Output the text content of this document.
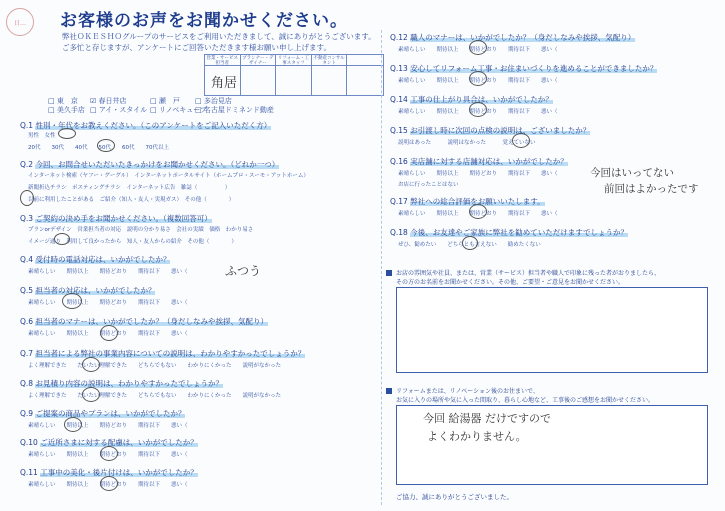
日…	お客様のお声をお聞かせください。
弊社ＯＫＥＳＨＯグループのサービスをご利用いただきまして、誠にありがとうございます。
ご多忙と存じますが、アンケートにご回答いただきます様お願い申し上げます。
営業・サービス担当者
プランナー・デザイナー
リフォーム・工事スタッフ
不動産コンサルタント
角居
□ 東　京 ☑ 春日井店	□ 瀬　戸 □ 多治見店
□ 美久手店 □ アイ・スタイル □ リノベキューブ
□ 名古屋ドミネンド動産
Q.1 性別・年代をお教えください。（このアンケートをご記入いただく方）
男性　女性
20代　　30代　　40代　　50代　　60代　　70代以上
Q.2 今回、お問合せいただいたきっかけをお聞かせください。（どれか一つ）
インターネット検索（ヤフー・グーグル）　インターネットポータルサイト（ホームプロ・スーモ・アットホーム）
新聞折込チラシ　ポスティングチラシ　インターネット広告　雑誌（　　　　　）
以前に利用したことがある　ご紹介（知人・友人・実現ガス）　その他（　　　　）
Q.3 ご契約の決め手をお聞かせください。（複数回答可）
プランorデザイン　営業担当者の対応　説明の分かり易さ　会社の実績　価格　わかり易さ
イメージ通り　利用して良かったから　知人・友人からの紹介　その他（　　　　）
Q.4 受付時の電話対応は、いかがでしたか？
素晴らしい　　期待以上　　期待どおり　　期待以下　　悪い（	ふつう
Q.5 担当者の対応は、いかがでしたか？
素晴らしい　　期待以上　　期待どおり　　期待以下　　悪い（
Q.6 担当者のマナーは、いかがでしたか？（身だしなみや挨拶、気配り）
素晴らしい　　期待以上　　期待どおり　　期待以下　　悪い（
Q.7 担当者による弊社の事業内容についての説明は、わかりやすかったでしょうか？
よく理解できた　　だいたい理解できた　　どちらでもない　　わかりにくかった　　説明がなかった
Q.8 お見積り内容の説明は、わかりやすかったでしょうか？
よく理解できた　　だいたい理解できた　　どちらでもない　　わかりにくかった　　説明がなかった
Q.9 ご提案の商品やプランは、いかがでしたか？
素晴らしい　　期待以上　　期待どおり　　期待以下　　悪い（
Q.10 ご近所さまに対する配慮は、いかがでしたか？
素晴らしい　　期待以上　　期待どおり　　期待以下　　悪い（
Q.11 工事中の美化・後片付けは、いかがでしたか？
素晴らしい　　期待以上　　期待どおり　　期待以下　　悪い（
Q.12 職人のマナーは、いかがでしたか？（身だしなみや挨拶、気配り）
素晴らしい　　期待以上　　期待どおり　　期待以下　　悪い（
Q.13 安心してリフォーム工事・お住まいづくりを進めることができましたか？
素晴らしい　　期待以上　　期待どおり　　期待以下　　悪い（
Q.14 工事の仕上がり具合は、いかがでしたか？
素晴らしい　　期待以上　　期待どおり　　期待以下　　悪い（
Q.15 お引渡し時に次回の点検の説明は、ございましたか？
説明はあった　　　説明はなかった　　　覚えていない
Q.16 実店舗に対する店舗対応は、いかがでしたか？
素晴らしい　　期待以上　　期待どおり　　期待以下　　悪い（
お店に行ったことはない
今回はいってない
前回はよかったです
Q.17 弊社への総合評価をお願いいたします。
素晴らしい　　期待以上　　期待どおり　　期待以下　　悪い（
Q.18 今後、お友達やご家族に弊社を勧めていただけますでしょうか？
ぜひ、勧めたい　　どちらとも言えない　　勧めたくない
お店の雰囲気や社員、または、営業（サービス）担当者や職人で印象に残った者がおりましたら、
その方のお名前をお聞かせください。その他、ご要望・ご意見をお聞かせください。
リフォームまたは、リノベーション後のお住まいで、
お気に入りの場所や気に入った間取り、暮らし心地など、工事後のご感想をお聞かせください。
今回 給湯器 だけですので
よくわかりません。
ご協力、誠にありがとうございました。
